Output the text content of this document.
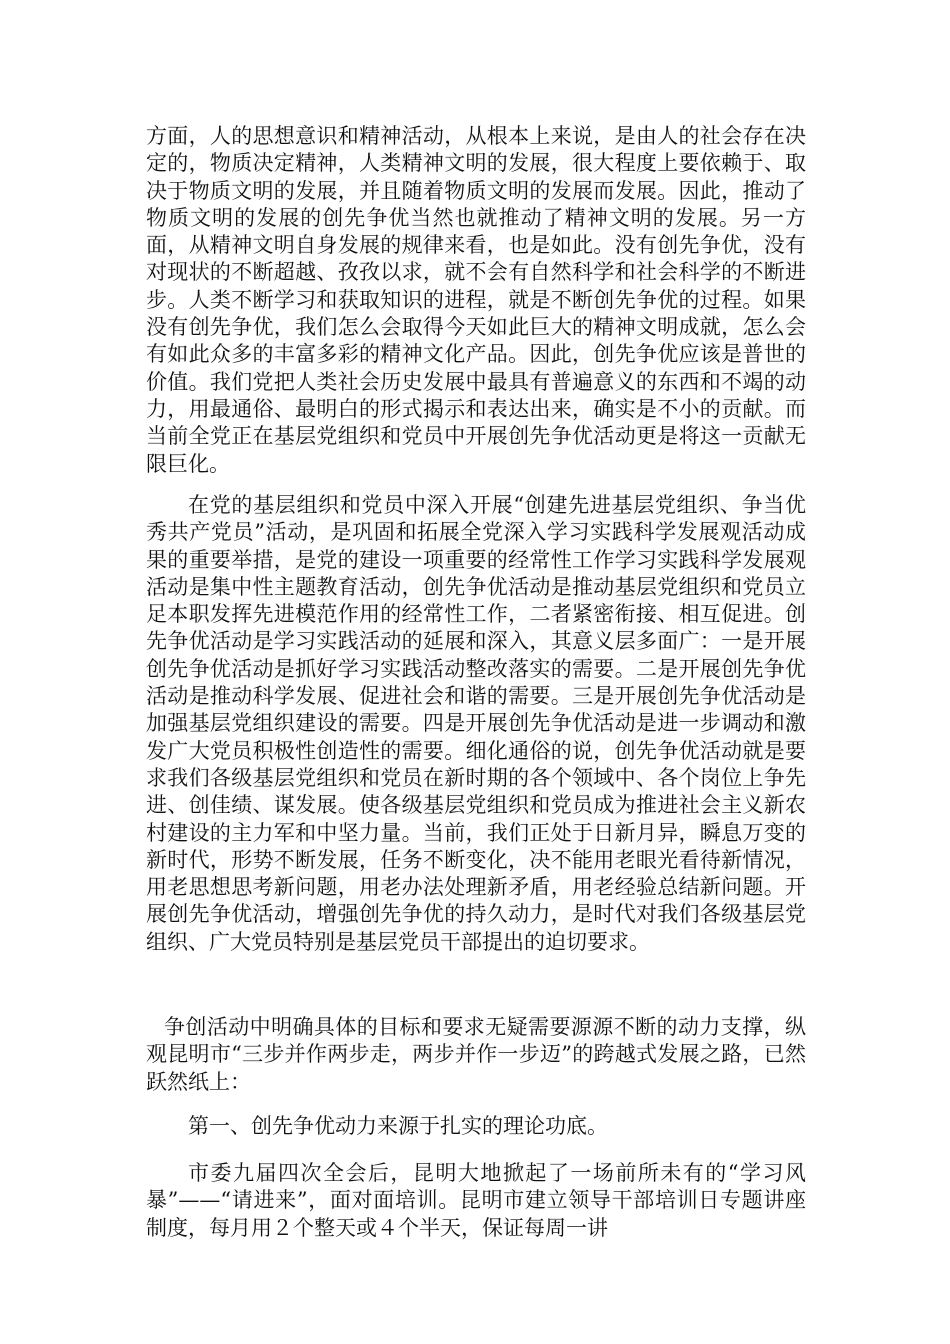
方面，人的思想意识和精神活动，从根本上来说，是由人的社会存在决定的，物质决定精神，人类精神文明的发展，很大程度上要依赖于、取决于物质文明的发展，并且随着物质文明的发展而发展。因此，推动了物质文明的发展的创先争优当然也就推动了精神文明的发展。另一方面，从精神文明自身发展的规律来看，也是如此。没有创先争优，没有对现状的不断超越、孜孜以求，就不会有自然科学和社会科学的不断进步。人类不断学习和获取知识的进程，就是不断创先争优的过程。如果没有创先争优，我们怎么会取得今天如此巨大的精神文明成就，怎么会有如此众多的丰富多彩的精神文化产品。因此，创先争优应该是普世的价值。我们党把人类社会历史发展中最具有普遍意义的东西和不竭的动力，用最通俗、最明白的形式揭示和表达出来，确实是不小的贡献。而当前全党正在基层党组织和党员中开展创先争优活动更是将这一贡献无限巨化。

在党的基层组织和党员中深入开展“创建先进基层党组织、争当优秀共产党员”活动，是巩固和拓展全党深入学习实践科学发展观活动成果的重要举措，是党的建设一项重要的经常性工作学习实践科学发展观活动是集中性主题教育活动，创先争优活动是推动基层党组织和党员立足本职发挥先进模范作用的经常性工作，二者紧密衔接、相互促进。创先争优活动是学习实践活动的延展和深入，其意义层多面广：一是开展创先争优活动是抓好学习实践活动整改落实的需要。二是开展创先争优活动是推动科学发展、促进社会和谐的需要。三是开展创先争优活动是加强基层党组织建设的需要。四是开展创先争优活动是进一步调动和激发广大党员积极性创造性的需要。细化通俗的说，创先争优活动就是要求我们各级基层党组织和党员在新时期的各个领域中、各个岗位上争先进、创佳绩、谋发展。使各级基层党组织和党员成为推进社会主义新农村建设的主力军和中坚力量。当前，我们正处于日新月异，瞬息万变的新时代，形势不断发展，任务不断变化，决不能用老眼光看待新情况，用老思想思考新问题，用老办法处理新矛盾，用老经验总结新问题。开展创先争优活动，增强创先争优的持久动力，是时代对我们各级基层党组织、广大党员特别是基层党员干部提出的迫切要求。

争创活动中明确具体的目标和要求无疑需要源源不断的动力支撑，纵观昆明市“三步并作两步走，两步并作一步迈”的跨越式发展之路，已然跃然纸上：

第一、创先争优动力来源于扎实的理论功底。

市委九届四次全会后，昆明大地掀起了一场前所未有的“学习风暴”——“请进来”，面对面培训。昆明市建立领导干部培训日专题讲座制度，每月用２个整天或４个半天，保证每周一讲
